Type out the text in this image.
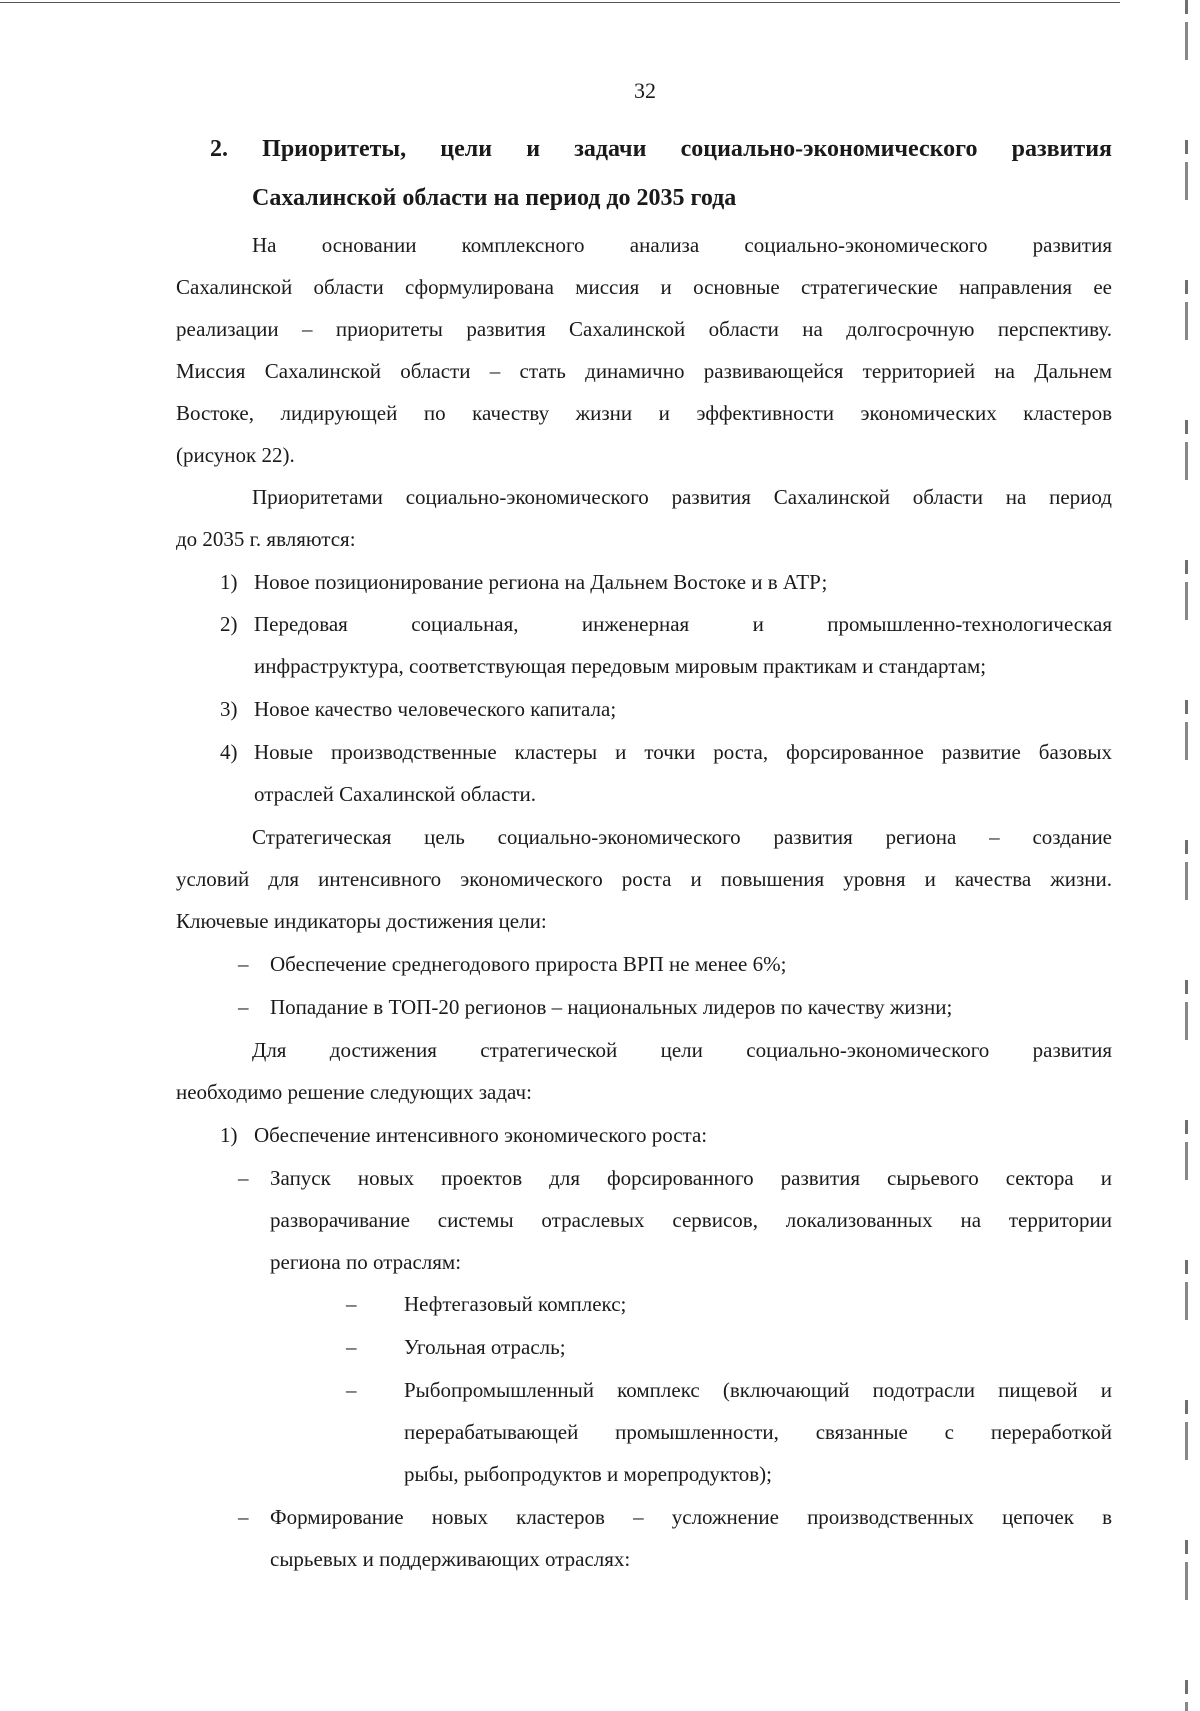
32
2. Приоритеты, цели и задачи социально-экономического развития
Сахалинской области на период до 2035 года
На основании комплексного анализа социально-экономического развития
Сахалинской области сформулирована миссия и основные стратегические направления ее
реализации – приоритеты развития Сахалинской области на долгосрочную перспективу.
Миссия Сахалинской области – стать динамично развивающейся территорией на Дальнем
Востоке, лидирующей по качеству жизни и эффективности экономических кластеров
(рисунок 22).
Приоритетами социально-экономического развития Сахалинской области на период
до 2035 г. являются:
1) Новое позиционирование региона на Дальнем Востоке и в АТР;
2) Передовая социальная, инженерная и промышленно-технологическая
инфраструктура, соответствующая передовым мировым практикам и стандартам;
3) Новое качество человеческого капитала;
4) Новые производственные кластеры и точки роста, форсированное развитие базовых
отраслей Сахалинской области.
Стратегическая цель социально-экономического развития региона – создание
условий для интенсивного экономического роста и повышения уровня и качества жизни.
Ключевые индикаторы достижения цели:
– Обеспечение среднегодового прироста ВРП не менее 6%;
– Попадание в ТОП-20 регионов – национальных лидеров по качеству жизни;
Для достижения стратегической цели социально-экономического развития
необходимо решение следующих задач:
1) Обеспечение интенсивного экономического роста:
– Запуск новых проектов для форсированного развития сырьевого сектора и
разворачивание системы отраслевых сервисов, локализованных на территории
региона по отраслям:
– Нефтегазовый комплекс;
– Угольная отрасль;
– Рыбопромышленный комплекс (включающий подотрасли пищевой и
перерабатывающей промышленности, связанные с переработкой
рыбы, рыбопродуктов и морепродуктов);
– Формирование новых кластеров – усложнение производственных цепочек в
сырьевых и поддерживающих отраслях:
